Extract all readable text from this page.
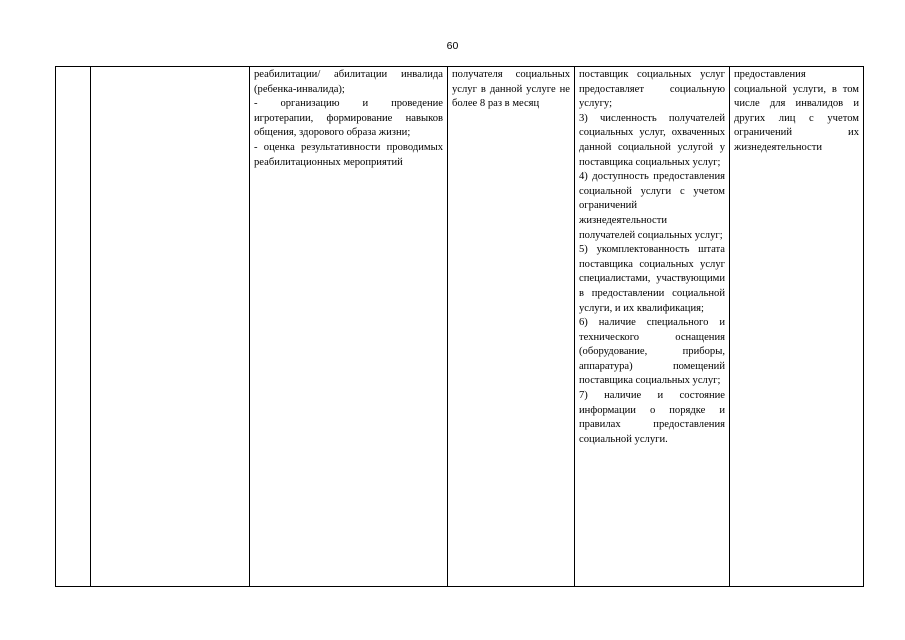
60
		реабилитации/ абилитации инвалида (ребенка-инвалида);
- организацию и проведение игротерапии, формирование навыков общения, здорового образа жизни;
- оценка результативности проводимых реабилитационных мероприятий	получателя социальных услуг в данной услуге не более 8 раз в месяц	поставщик социальных услуг предоставляет социальную услугу;
3) численность получателей социальных услуг, охваченных данной социальной услугой у поставщика социальных услуг;
4) доступность предоставления социальной услуги с учетом ограничений жизнедеятельности получателей социальных услуг;
5) укомплектованность штата поставщика социальных услуг специалистами, участвующими в предоставлении социальной услуги, и их квалификация;
6) наличие специального и технического оснащения (оборудование, приборы, аппаратура) помещений поставщика социальных услуг;
7) наличие и состояние информации о порядке и правилах предоставления социальной услуги.	предоставления социальной услуги, в том числе для инвалидов и других лиц с учетом ограничений их жизнедеятельности
